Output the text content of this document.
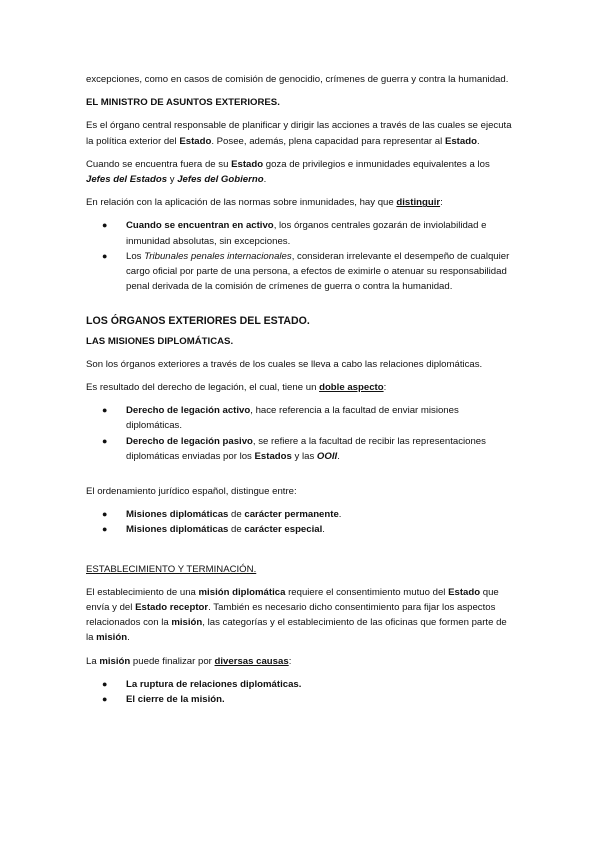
excepciones, como en casos de comisión de genocidio, crímenes de guerra y contra la humanidad.

EL MINISTRO DE ASUNTOS EXTERIORES.

Es el órgano central responsable de planificar y dirigir las acciones a través de las cuales se ejecuta la política exterior del Estado. Posee, además, plena capacidad para representar al Estado.

Cuando se encuentra fuera de su Estado goza de privilegios e inmunidades equivalentes a los Jefes del Estados y Jefes del Gobierno.

En relación con la aplicación de las normas sobre inmunidades, hay que distinguir:

● Cuando se encuentran en activo, los órganos centrales gozarán de inviolabilidad e inmunidad absolutas, sin excepciones.
● Los Tribunales penales internacionales, consideran irrelevante el desempeño de cualquier cargo oficial por parte de una persona, a efectos de eximirle o atenuar su responsabilidad penal derivada de la comisión de crímenes de guerra o contra la humanidad.

LOS ÓRGANOS EXTERIORES DEL ESTADO.

LAS MISIONES DIPLOMÁTICAS.

Son los órganos exteriores a través de los cuales se lleva a cabo las relaciones diplomáticas.

Es resultado del derecho de legación, el cual, tiene un doble aspecto:

● Derecho de legación activo, hace referencia a la facultad de enviar misiones diplomáticas.
● Derecho de legación pasivo, se refiere a la facultad de recibir las representaciones diplomáticas enviadas por los Estados y las OOII.

El ordenamiento jurídico español, distingue entre:

● Misiones diplomáticas de carácter permanente.
● Misiones diplomáticas de carácter especial.

ESTABLECIMIENTO Y TERMINACIÓN.

El establecimiento de una misión diplomática requiere el consentimiento mutuo del Estado que envía y del Estado receptor. También es necesario dicho consentimiento para fijar los aspectos relacionados con la misión, las categorías y el establecimiento de las oficinas que formen parte de la misión.

La misión puede finalizar por diversas causas:

● La ruptura de relaciones diplomáticas.
● El cierre de la misión.
